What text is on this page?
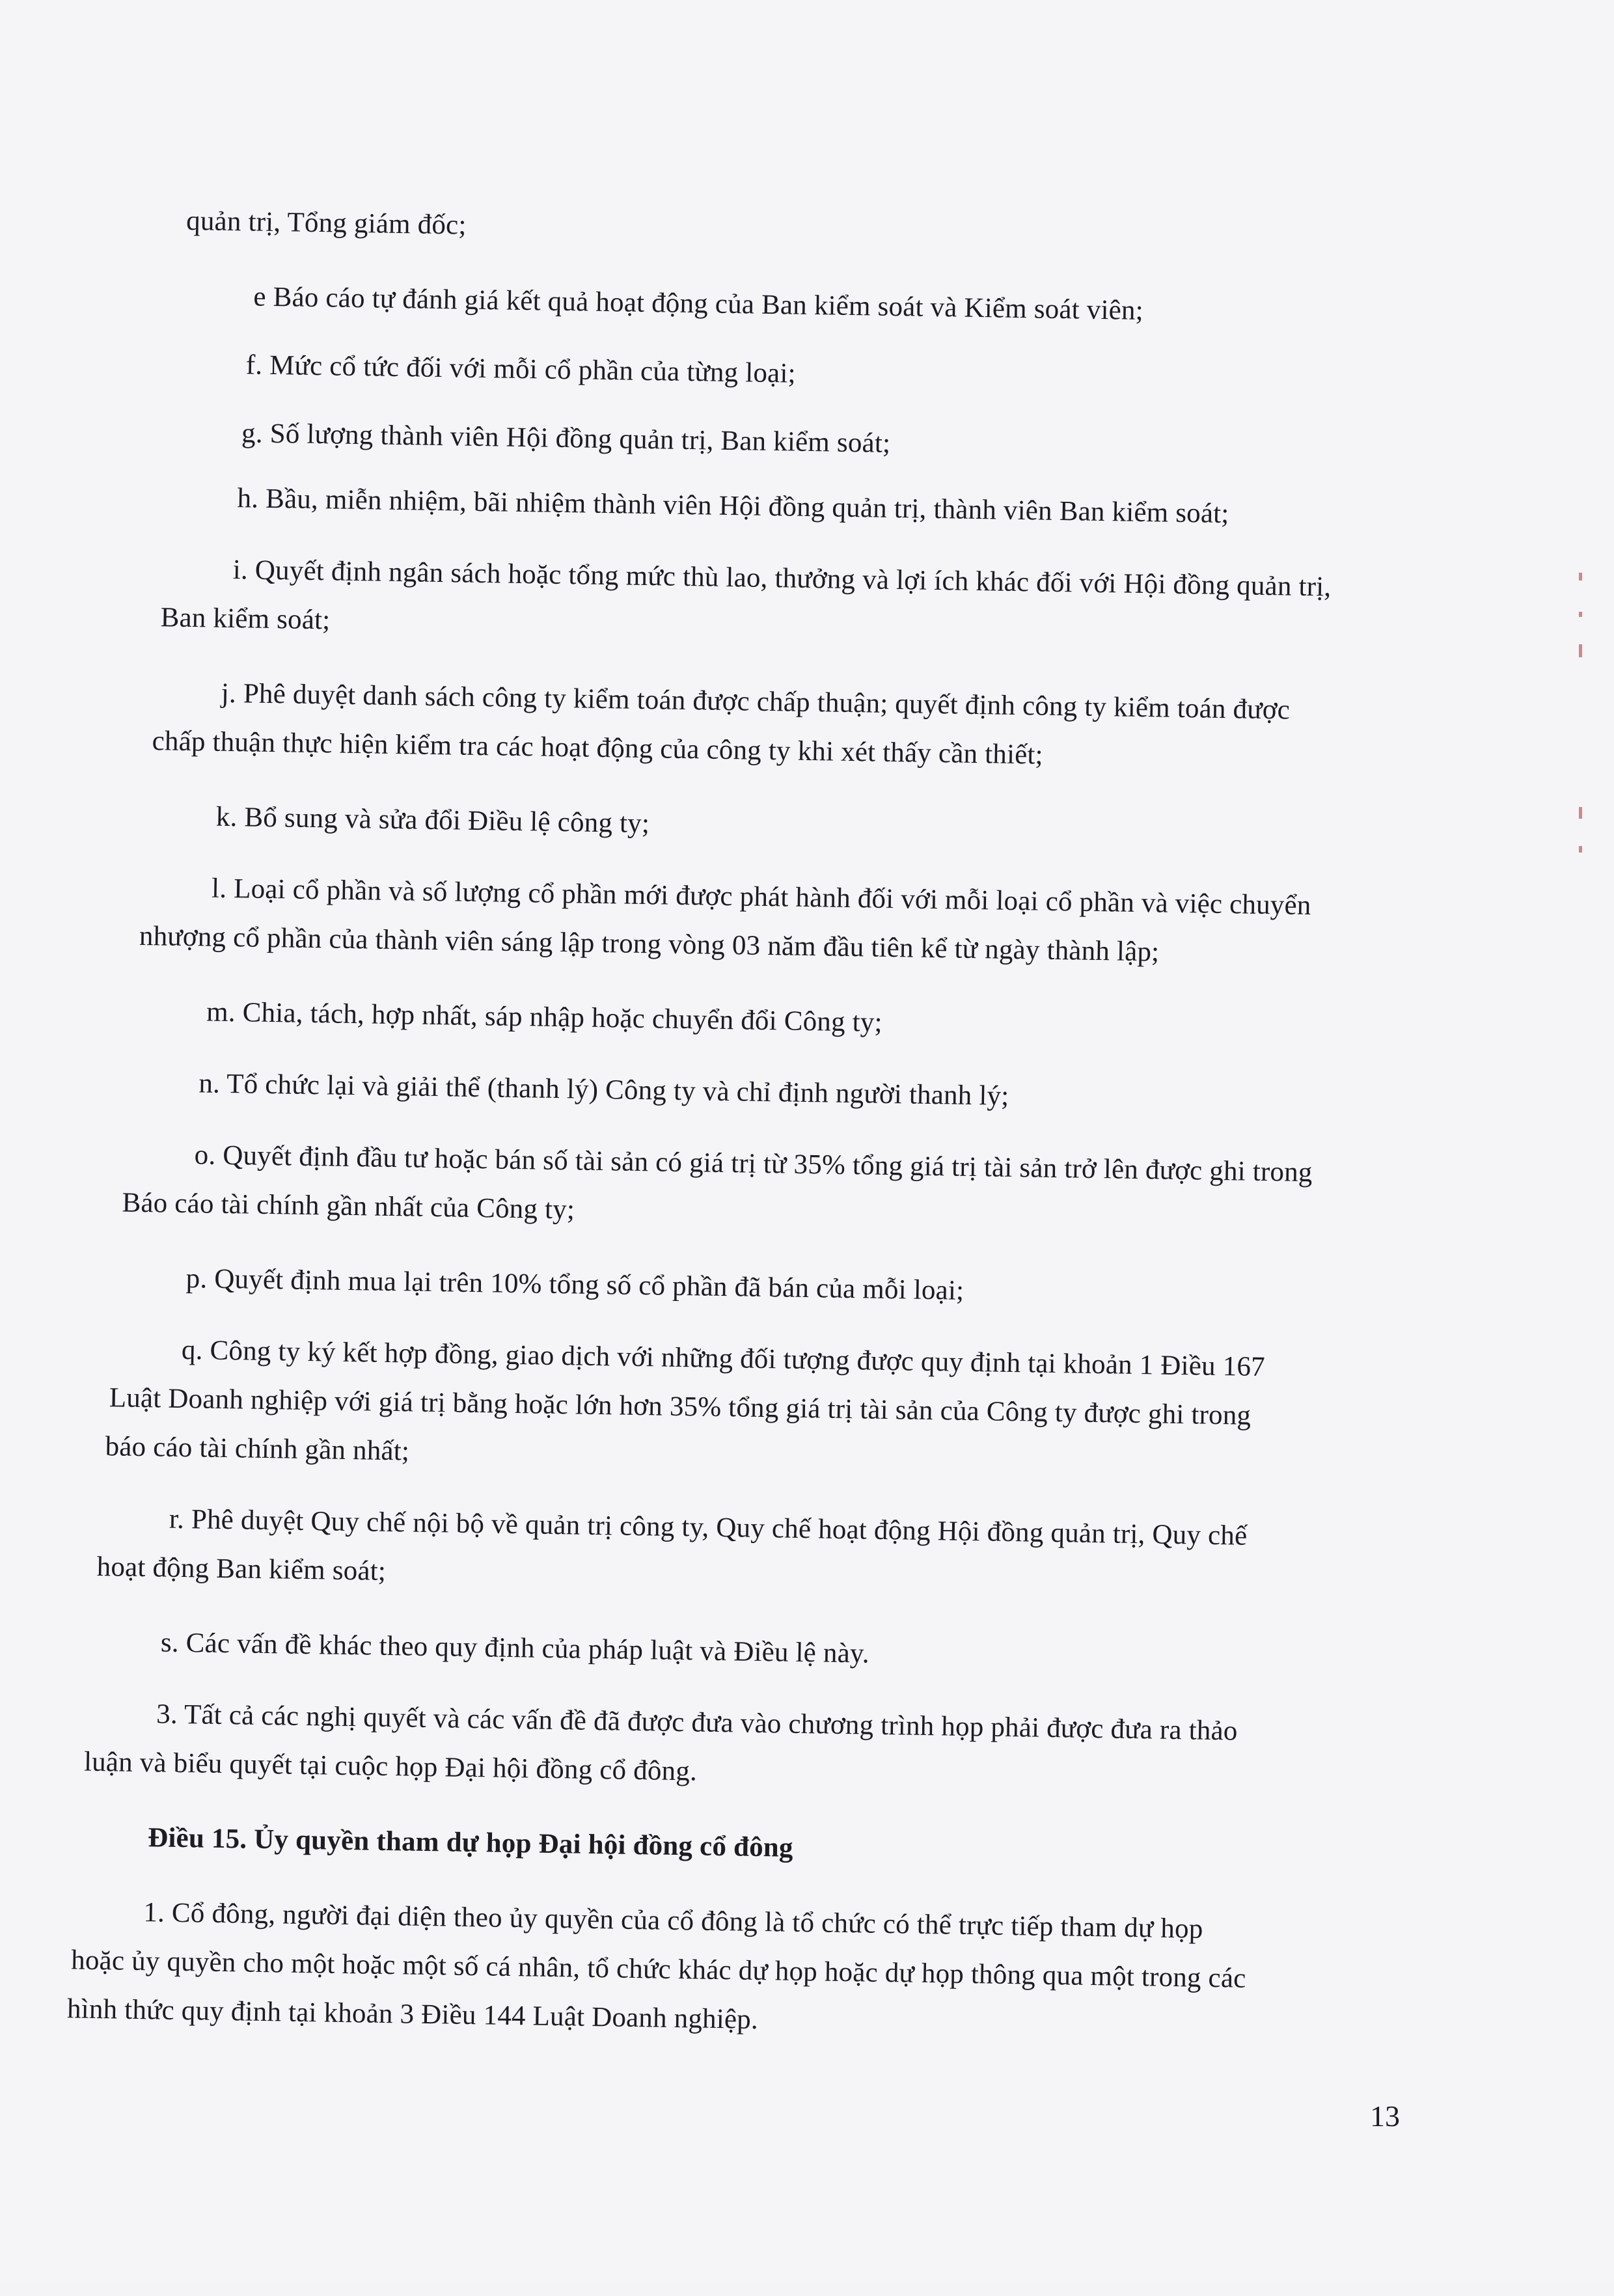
quản trị, Tổng giám đốc;
e Báo cáo tự đánh giá kết quả hoạt động của Ban kiểm soát và Kiểm soát viên;
f. Mức cổ tức đối với mỗi cổ phần của từng loại;
g. Số lượng thành viên Hội đồng quản trị, Ban kiểm soát;
h. Bầu, miễn nhiệm, bãi nhiệm thành viên Hội đồng quản trị, thành viên Ban kiểm soát;
i. Quyết định ngân sách hoặc tổng mức thù lao, thưởng và lợi ích khác đối với Hội đồng quản trị,
Ban kiểm soát;
j. Phê duyệt danh sách công ty kiểm toán được chấp thuận; quyết định công ty kiểm toán được
chấp thuận thực hiện kiểm tra các hoạt động của công ty khi xét thấy cần thiết;
k. Bổ sung và sửa đổi Điều lệ công ty;
l. Loại cổ phần và số lượng cổ phần mới được phát hành đối với mỗi loại cổ phần và việc chuyển
nhượng cổ phần của thành viên sáng lập trong vòng 03 năm đầu tiên kể từ ngày thành lập;
m. Chia, tách, hợp nhất, sáp nhập hoặc chuyển đổi Công ty;
n. Tổ chức lại và giải thể (thanh lý) Công ty và chỉ định người thanh lý;
o. Quyết định đầu tư hoặc bán số tài sản có giá trị từ 35% tổng giá trị tài sản trở lên được ghi trong
Báo cáo tài chính gần nhất của Công ty;
p. Quyết định mua lại trên 10% tổng số cổ phần đã bán của mỗi loại;
q. Công ty ký kết hợp đồng, giao dịch với những đối tượng được quy định tại khoản 1 Điều 167
Luật Doanh nghiệp với giá trị bằng hoặc lớn hơn 35% tổng giá trị tài sản của Công ty được ghi trong
báo cáo tài chính gần nhất;
r. Phê duyệt Quy chế nội bộ về quản trị công ty, Quy chế hoạt động Hội đồng quản trị, Quy chế
hoạt động Ban kiểm soát;
s. Các vấn đề khác theo quy định của pháp luật và Điều lệ này.
3. Tất cả các nghị quyết và các vấn đề đã được đưa vào chương trình họp phải được đưa ra thảo
luận và biểu quyết tại cuộc họp Đại hội đồng cổ đông.
Điều 15. Ủy quyền tham dự họp Đại hội đồng cổ đông
1. Cổ đông, người đại diện theo ủy quyền của cổ đông là tổ chức có thể trực tiếp tham dự họp
hoặc ủy quyền cho một hoặc một số cá nhân, tổ chức khác dự họp hoặc dự họp thông qua một trong các
hình thức quy định tại khoản 3 Điều 144 Luật Doanh nghiệp.
13
